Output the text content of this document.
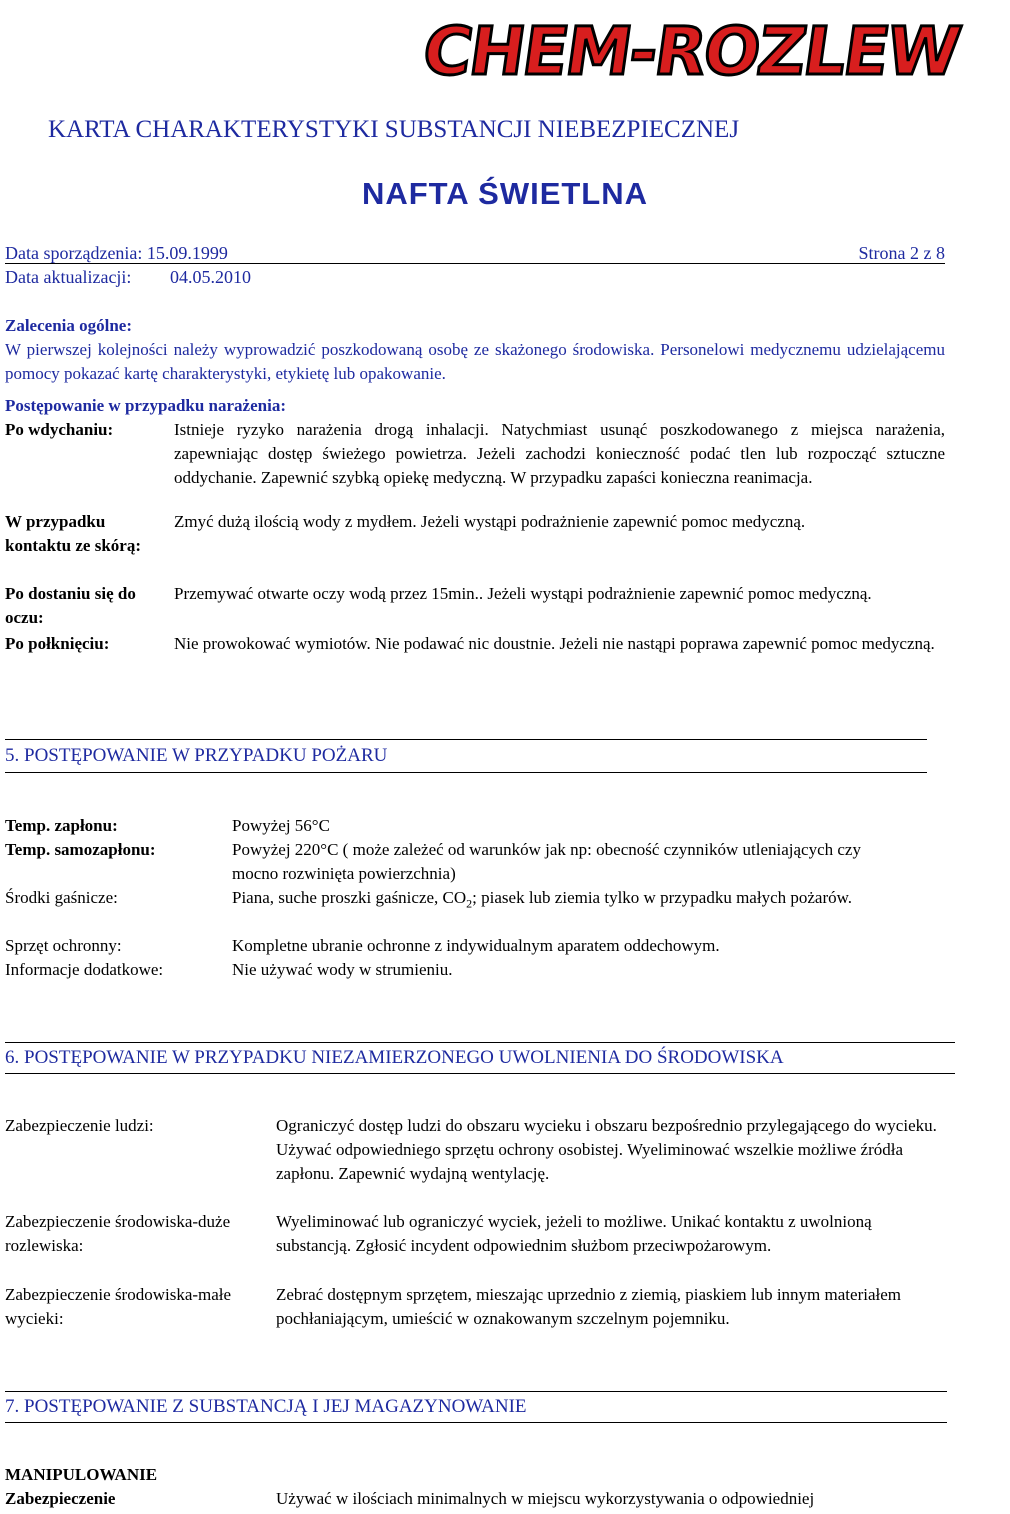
CHEM-ROZLEW
KARTA CHARAKTERYSTYKI SUBSTANCJI NIEBEZPIECZNEJ
NAFTA ŚWIETLNA
Data sporządzenia: 15.09.1999	Strona 2 z 8
Data aktualizacji: 04.05.2010
Zalecenia ogólne:
W pierwszej kolejności należy wyprowadzić poszkodowaną osobę ze skażonego środowiska. Personelowi medycznemu udzielającemu pomocy pokazać kartę charakterystyki, etykietę lub opakowanie.
Postępowanie w przypadku narażenia:
Po wdychaniu:	Istnieje ryzyko narażenia drogą inhalacji. Natychmiast usunąć poszkodowanego z miejsca narażenia, zapewniając dostęp świeżego powietrza. Jeżeli zachodzi konieczność podać tlen lub rozpocząć sztuczne oddychanie. Zapewnić szybką opiekę medyczną. W przypadku zapaści konieczna reanimacja.
W przypadku kontaktu ze skórą:
Zmyć dużą ilością wody z mydłem. Jeżeli wystąpi podrażnienie zapewnić pomoc medyczną.
Po dostaniu się do oczu:
Przemywać otwarte oczy wodą przez 15min.. Jeżeli wystąpi podrażnienie zapewnić pomoc medyczną.
Po połknięciu:	Nie prowokować wymiotów. Nie podawać nic doustnie. Jeżeli nie nastąpi poprawa zapewnić pomoc medyczną.
5. POSTĘPOWANIE W PRZYPADKU POŻARU
Temp. zapłonu:	Powyżej 56°C
Temp. samozapłonu:	Powyżej 220°C ( może zależeć od warunków jak np: obecność czynników utleniających czy mocno rozwinięta powierzchnia)
Środki gaśnicze:	Piana, suche proszki gaśnicze, $CO_2$; piasek lub ziemia tylko w przypadku małych pożarów.
Sprzęt ochronny:	Kompletne ubranie ochronne z indywidualnym aparatem oddechowym.
Informacje dodatkowe:	Nie używać wody w strumieniu.
6. POSTĘPOWANIE W PRZYPADKU NIEZAMIERZONEGO UWOLNIENIA DO ŚRODOWISKA
Zabezpieczenie ludzi:	Ograniczyć dostęp ludzi do obszaru wycieku i obszaru bezpośrednio przylegającego do wycieku. Używać odpowiedniego sprzętu ochrony osobistej. Wyeliminować wszelkie możliwe źródła zapłonu. Zapewnić wydajną wentylację.
Zabezpieczenie środowiska-duże rozlewiska:
Wyeliminować lub ograniczyć wyciek, jeżeli to możliwe. Unikać kontaktu z uwolnioną substancją. Zgłosić incydent odpowiednim służbom przeciwpożarowym.
Zabezpieczenie środowiska-małe wycieki:
Zebrać dostępnym sprzętem, mieszając uprzednio z ziemią, piaskiem lub innym materiałem pochłaniającym, umieścić w oznakowanym szczelnym pojemniku.
7. POSTĘPOWANIE Z SUBSTANCJĄ I JEJ MAGAZYNOWANIE
MANIPULOWANIE
Zabezpieczenie	Używać w ilościach minimalnych w miejscu wykorzystywania o odpowiedniej
